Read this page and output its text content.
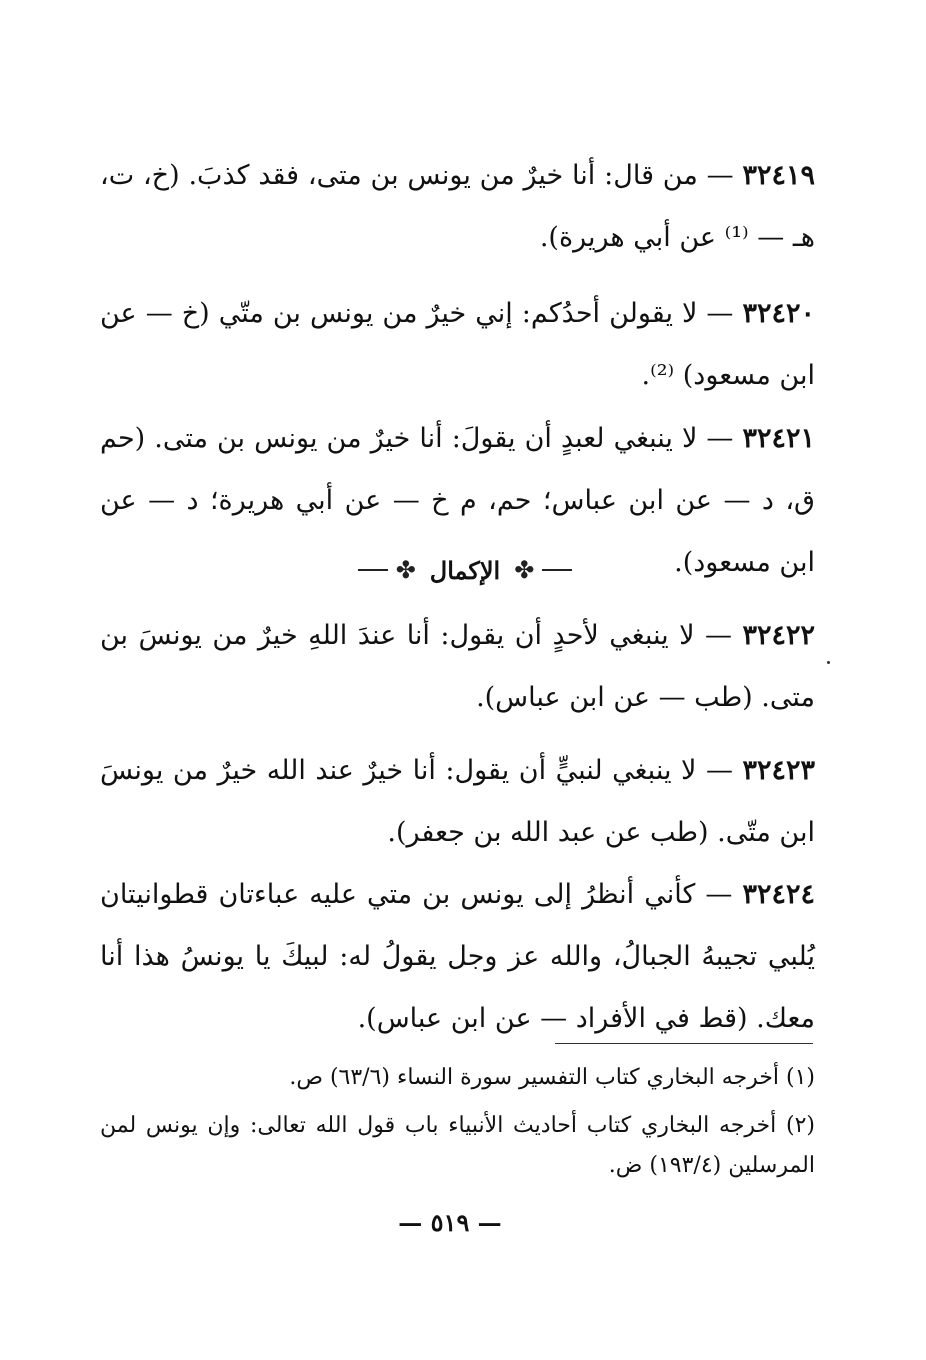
٣٢٤١٩ — من قال: أنا خيرٌ من يونس بن متى، فقد كذبَ. (خ، ت، هـ — ⁽¹⁾ عن أبي هريرة).
٣٢٤٢٠ — لا يقولن أحدُكم: إني خيرٌ من يونس بن متّي (خ — عن ابن مسعود) ⁽²⁾.
٣٢٤٢١ — لا ينبغي لعبدٍ أن يقولَ: أنا خيرٌ من يونس بن متى. (حم ق، د — عن ابن عباس؛ حم، م خ — عن أبي هريرة؛ د — عن ابن مسعود).
✤
الإكمال
✤
٣٢٤٢٢ — لا ينبغي لأحدٍ أن يقول: أنا عندَ اللهِ خيرٌ من يونسَ بن متى. (طب — عن ابن عباس).
٣٢٤٢٣ — لا ينبغي لنبيٍّ أن يقول: أنا خيرٌ عند الله خيرٌ من يونسَ ابن متّى. (طب عن عبد الله بن جعفر).
٣٢٤٢٤ — كأني أنظرُ إلى يونس بن متي عليه عباءتان قطوانيتان يُلبي تجيبهُ الجبالُ، والله عز وجل يقولُ له: لبيكَ يا يونسُ هذا أنا معك. (قط في الأفراد — عن ابن عباس).

(١) أخرجه البخاري كتاب التفسير سورة النساء (٦٣/٦) ص.

(٢) أخرجه البخاري كتاب أحاديث الأنبياء باب قول الله تعالى: وإن يونس لمن المرسلين (١٩٣/٤) ض.

— ٥١٩ —
